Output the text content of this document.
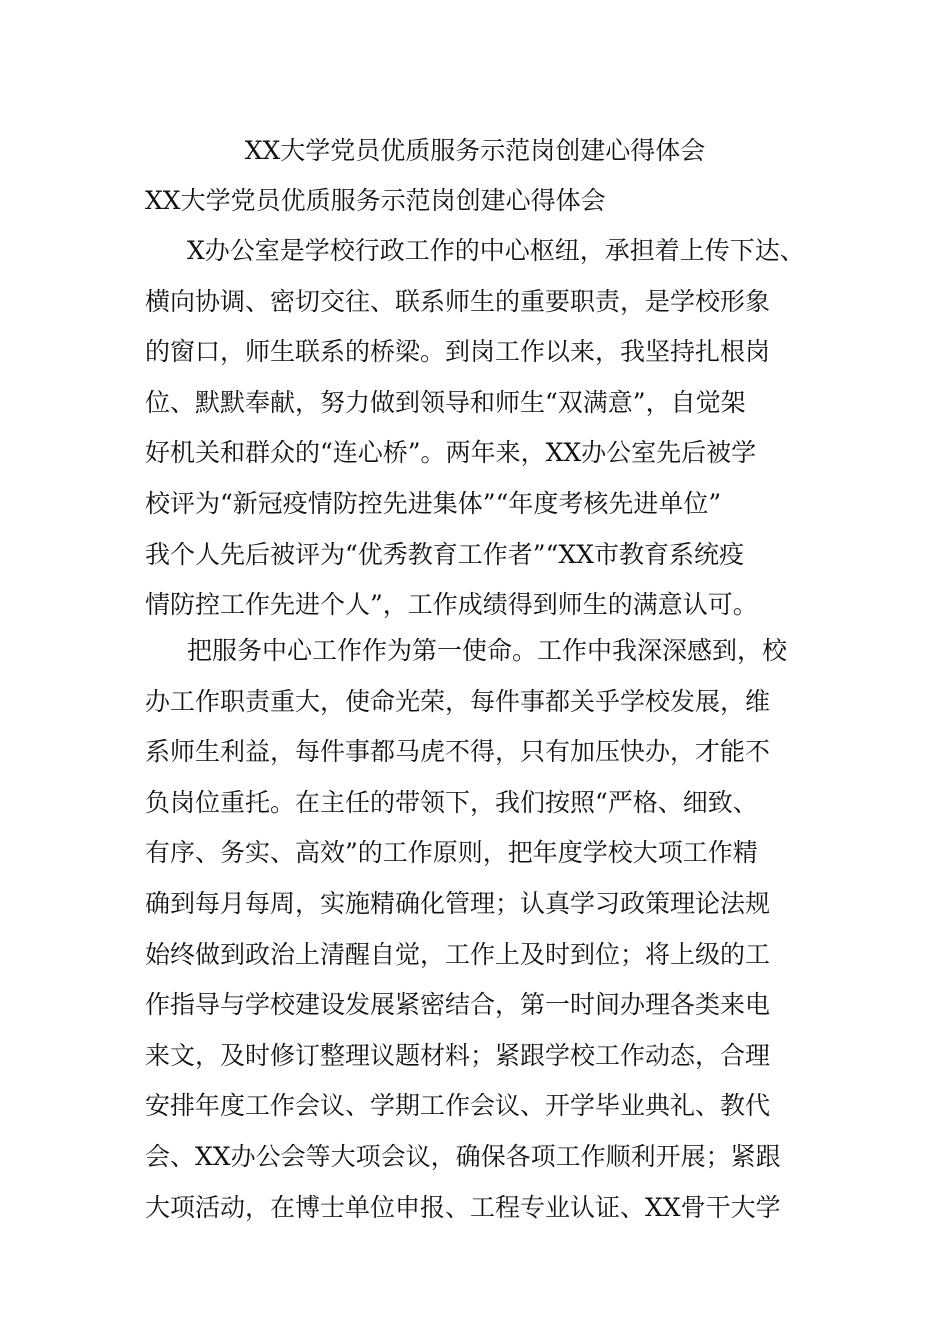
XX大学党员优质服务示范岗创建心得体会
XX大学党员优质服务示范岗创建心得体会
X办公室是学校行政工作的中心枢纽，承担着上传下达、
横向协调、密切交往、联系师生的重要职责，是学校形象
的窗口，师生联系的桥梁。到岗工作以来，我坚持扎根岗
位、默默奉献，努力做到领导和师生“双满意”，自觉架
好机关和群众的“连心桥”。两年来，XX办公室先后被学
校评为“新冠疫情防控先进集体”“年度考核先进单位”
我个人先后被评为“优秀教育工作者”“XX市教育系统疫
情防控工作先进个人”，工作成绩得到师生的满意认可。
把服务中心工作作为第一使命。工作中我深深感到，校
办工作职责重大，使命光荣，每件事都关乎学校发展，维
系师生利益，每件事都马虎不得，只有加压快办，才能不
负岗位重托。在主任的带领下，我们按照“严格、细致、
有序、务实、高效”的工作原则，把年度学校大项工作精
确到每月每周，实施精确化管理；认真学习政策理论法规
始终做到政治上清醒自觉，工作上及时到位；将上级的工
作指导与学校建设发展紧密结合，第一时间办理各类来电
来文，及时修订整理议题材料；紧跟学校工作动态，合理
安排年度工作会议、学期工作会议、开学毕业典礼、教代
会、XX办公会等大项会议，确保各项工作顺利开展；紧跟
大项活动，在博士单位申报、工程专业认证、XX骨干大学
